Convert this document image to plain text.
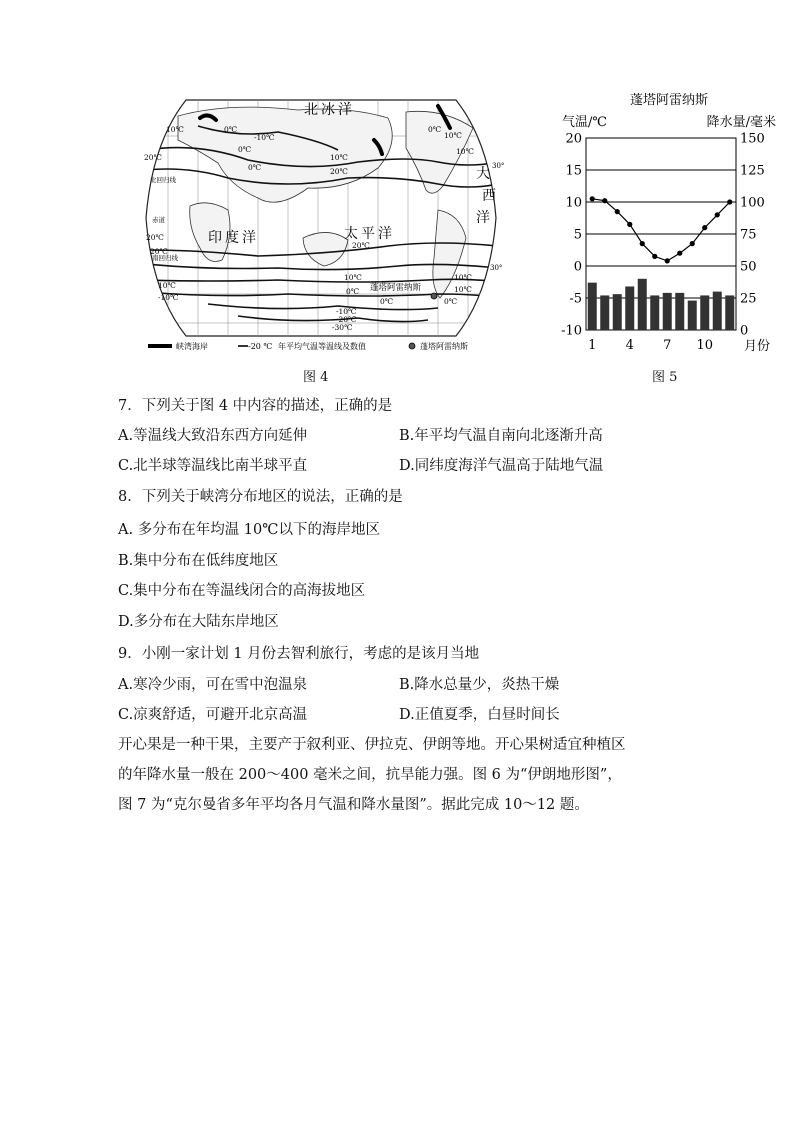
北冰洋
太平洋
印度洋
大
西
洋
赤道
北回归线
南回归线
30°
30°
蓬塔阿雷纳斯
10℃	0℃
0℃
-10℃
0℃
10℃
20℃
20℃
20℃
10℃
10℃
0℃
10℃
20℃
10℃
0℃
0℃
10℃
0℃
-10℃
-20℃
-30℃
20℃
10℃
-10℃
峡湾海岸	-20 ℃ 年平均气温等温线及数值	蓬塔阿雷纳斯
图 4
蓬塔阿雷纳斯
气温/℃	降水量/毫米
20
15
10
5
0
-5
-10
150
125
100
75
50
25
0
1 4 7 10 月份
图 5
7．下列关于图 4 中内容的描述，正确的是
A.等温线大致沿东西方向延伸	B.年平均气温自南向北逐渐升高
C.北半球等温线比南半球平直	D.同纬度海洋气温高于陆地气温
8．下列关于峡湾分布地区的说法，正确的是
A. 多分布在年均温 10℃以下的海岸地区
B.集中分布在低纬度地区
C.集中分布在等温线闭合的高海拔地区
D.多分布在大陆东岸地区
9．小刚一家计划 1 月份去智利旅行，考虑的是该月当地
A.寒冷少雨，可在雪中泡温泉	B.降水总量少，炎热干燥
C.凉爽舒适，可避开北京高温	D.正值夏季，白昼时间长

开心果是一种干果，主要产于叙利亚、伊拉克、伊朗等地。开心果树适宜种植区

的年降水量一般在 200～400 毫米之间，抗旱能力强。图 6 为“伊朗地形图”，

图 7 为“克尔曼省多年平均各月气温和降水量图”。据此完成 10～12 题。
